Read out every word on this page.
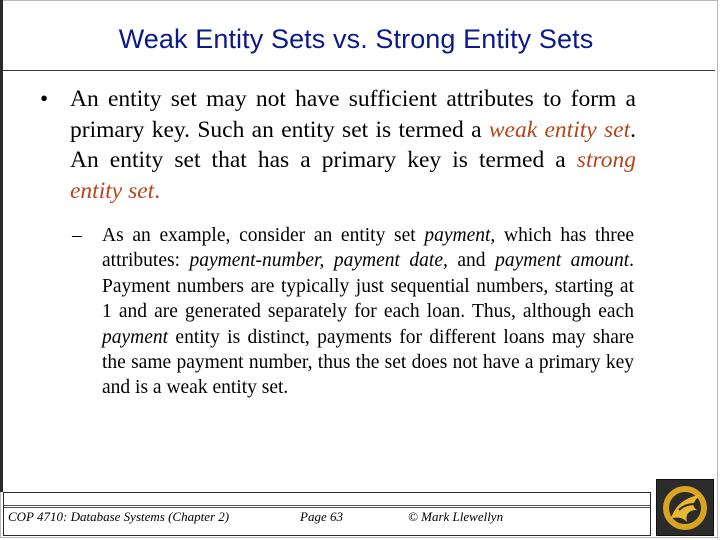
Weak Entity Sets vs. Strong Entity Sets
• An entity set may not have sufficient attributes to form a primary key. Such an entity set is termed a weak entity set. An entity set that has a primary key is termed a strong entity set.
– As an example, consider an entity set payment, which has three attributes: payment-number, payment date, and payment amount. Payment numbers are typically just sequential numbers, starting at 1 and are generated separately for each loan. Thus, although each payment entity is distinct, payments for different loans may share the same payment number, thus the set does not have a primary key and is a weak entity set.
COP 4710: Database Systems (Chapter 2)	Page 63	© Mark Llewellyn
